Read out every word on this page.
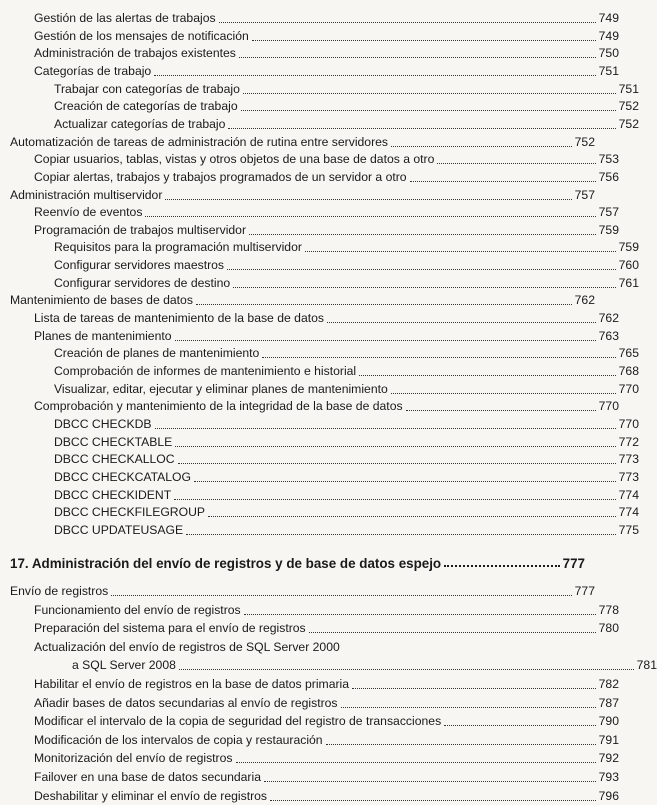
Gestión de las alertas de trabajos	749
Gestión de los mensajes de notificación	749
Administración de trabajos existentes	750
Categorías de trabajo	751
Trabajar con categorías de trabajo	751
Creación de categorías de trabajo	752
Actualizar categorías de trabajo	752
Automatización de tareas de administración de rutina entre servidores	752
Copiar usuarios, tablas, vistas y otros objetos de una base de datos a otro	753
Copiar alertas, trabajos y trabajos programados de un servidor a otro	756
Administración multiservidor	757
Reenvío de eventos	757
Programación de trabajos multiservidor	759
Requisitos para la programación multiservidor	759
Configurar servidores maestros	760
Configurar servidores de destino	761
Mantenimiento de bases de datos	762
Lista de tareas de mantenimiento de la base de datos	762
Planes de mantenimiento	763
Creación de planes de mantenimiento	765
Comprobación de informes de mantenimiento e historial	768
Visualizar, editar, ejecutar y eliminar planes de mantenimiento	770
Comprobación y mantenimiento de la integridad de la base de datos	770
DBCC CHECKDB	770
DBCC CHECKTABLE	772
DBCC CHECKALLOC	773
DBCC CHECKCATALOG	773
DBCC CHECKIDENT	774
DBCC CHECKFILEGROUP	774
DBCC UPDATEUSAGE	775
17. Administración del envío de registros y de base de datos espejo	777
Envío de registros	777
Funcionamiento del envío de registros	778
Preparación del sistema para el envío de registros	780
Actualización del envío de registros de SQL Server 2000
a SQL Server 2008	781
Habilitar el envío de registros en la base de datos primaria	782
Añadir bases de datos secundarias al envío de registros	787
Modificar el intervalo de la copia de seguridad del registro de transacciones	790
Modificación de los intervalos de copia y restauración	791
Monitorización del envío de registros	792
Failover en una base de datos secundaria	793
Deshabilitar y eliminar el envío de registros	796
